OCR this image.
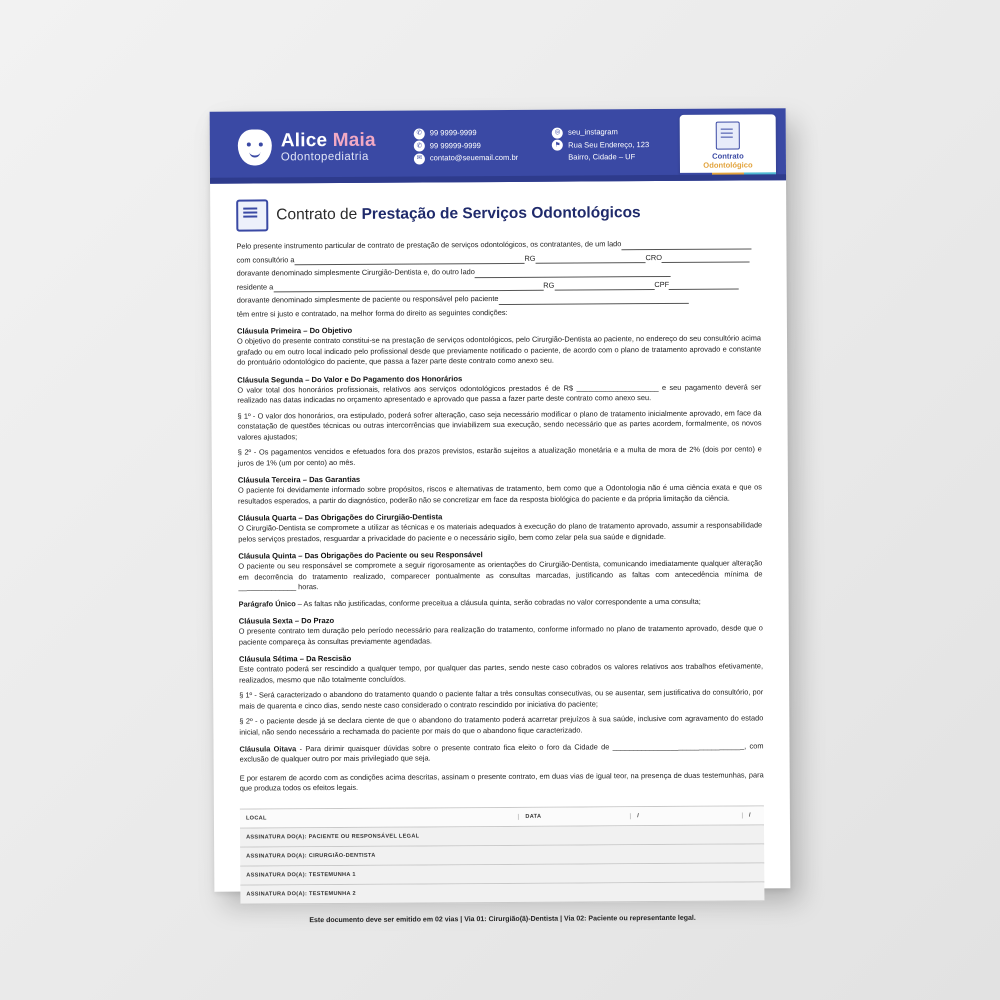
Alice Maia
Odontopediatria
✆	99 9999-9999
✆	99 99999-9999
✉	contato@seuemail.com.br
◎	seu_instagram
⚑ Rua Seu Endereço, 123
Bairro, Cidade – UF	Contrato
Odontológico
Contrato de Prestação de Serviços Odontológicos
Pelo presente instrumento particular de contrato de prestação de serviços odontológicos, os contratantes, de um lado
com consultório a	RG	CRO
doravante denominado simplesmente Cirurgião-Dentista e, do outro lado
residente a	RG	CPF
doravante denominado simplesmente de paciente ou responsável pelo paciente
têm entre si justo e contratado, na melhor forma do direito as seguintes condições:
Cláusula Primeira – Do Objetivo
O objetivo do presente contrato constitui-se na prestação de serviços odontológicos, pelo Cirurgião-Dentista ao paciente, no endereço do seu consultório acima grafado ou em outro local indicado pelo profissional desde que previamente notificado o paciente, de acordo com o plano de tratamento aprovado e constante do prontuário odontológico do paciente, que passa a fazer parte deste contrato como anexo seu.
Cláusula Segunda – Do Valor e Do Pagamento dos Honorários
O valor total dos honorários profissionais, relativos aos serviços odontológicos prestados é de R$ ____________________ e seu pagamento deverá ser realizado nas datas indicadas no orçamento apresentado e aprovado que passa a fazer parte deste contrato como anexo seu.
§ 1º - O valor dos honorários, ora estipulado, poderá sofrer alteração, caso seja necessário modificar o plano de tratamento inicialmente aprovado, em face da constatação de questões técnicas ou outras intercorrências que inviabilizem sua execução, sendo necessário que as partes acordem, formalmente, os novos valores ajustados;
§ 2º - Os pagamentos vencidos e efetuados fora dos prazos previstos, estarão sujeitos a atualização monetária e a multa de mora de 2% (dois por cento) e juros de 1% (um por cento) ao mês.
Cláusula Terceira – Das Garantias
O paciente foi devidamente informado sobre propósitos, riscos e alternativas de tratamento, bem como que a Odontologia não é uma ciência exata e que os resultados esperados, a partir do diagnóstico, poderão não se concretizar em face da resposta biológica do paciente e da própria limitação da ciência.
Cláusula Quarta – Das Obrigações do Cirurgião-Dentista
O Cirurgião-Dentista se compromete a utilizar as técnicas e os materiais adequados à execução do plano de tratamento aprovado, assumir a responsabilidade pelos serviços prestados, resguardar a privacidade do paciente e o necessário sigilo, bem como zelar pela sua saúde e dignidade.
Cláusula Quinta – Das Obrigações do Paciente ou seu Responsável
O paciente ou seu responsável se compromete a seguir rigorosamente as orientações do Cirurgião-Dentista, comunicando imediatamente qualquer alteração em decorrência do tratamento realizado, comparecer pontualmente as consultas marcadas, justificando as faltas com antecedência mínima de ______________ horas.
Parágrafo Único – As faltas não justificadas, conforme preceitua a cláusula quinta, serão cobradas no valor correspondente a uma consulta;
Cláusula Sexta – Do Prazo
O presente contrato tem duração pelo período necessário para realização do tratamento, conforme informado no plano de tratamento aprovado, desde que o paciente compareça às consultas previamente agendadas.
Cláusula Sétima – Da Rescisão
Este contrato poderá ser rescindido a qualquer tempo, por qualquer das partes, sendo neste caso cobrados os valores relativos aos trabalhos efetivamente, realizados, mesmo que não totalmente concluídos.
§ 1º - Será caracterizado o abandono do tratamento quando o paciente faltar a três consultas consecutivas, ou se ausentar, sem justificativa do consultório, por mais de quarenta e cinco dias, sendo neste caso considerado o contrato rescindido por iniciativa do paciente;
§ 2º - o paciente desde já se declara ciente de que o abandono do tratamento poderá acarretar prejuízos à sua saúde, inclusive com agravamento do estado inicial, não sendo necessário a rechamada do paciente por mais do que o abandono fique caracterizado.
Cláusula Oitava - Para dirimir quaisquer dúvidas sobre o presente contrato fica eleito o foro da Cidade de ________________________________, com exclusão de qualquer outro por mais privilegiado que seja.
E por estarem de acordo com as condições acima descritas, assinam o presente contrato, em duas vias de igual teor, na presença de duas testemunhas, para que produza todos os efeitos legais.
LOCAL	DATA	/	/
ASSINATURA DO(A): PACIENTE OU RESPONSÁVEL LEGAL
ASSINATURA DO(A): CIRURGIÃO-DENTISTA
ASSINATURA DO(A): TESTEMUNHA 1
ASSINATURA DO(A): TESTEMUNHA 2
Este documento deve ser emitido em 02 vias | Via 01: Cirurgião(ã)-Dentista | Via 02: Paciente ou representante legal.
